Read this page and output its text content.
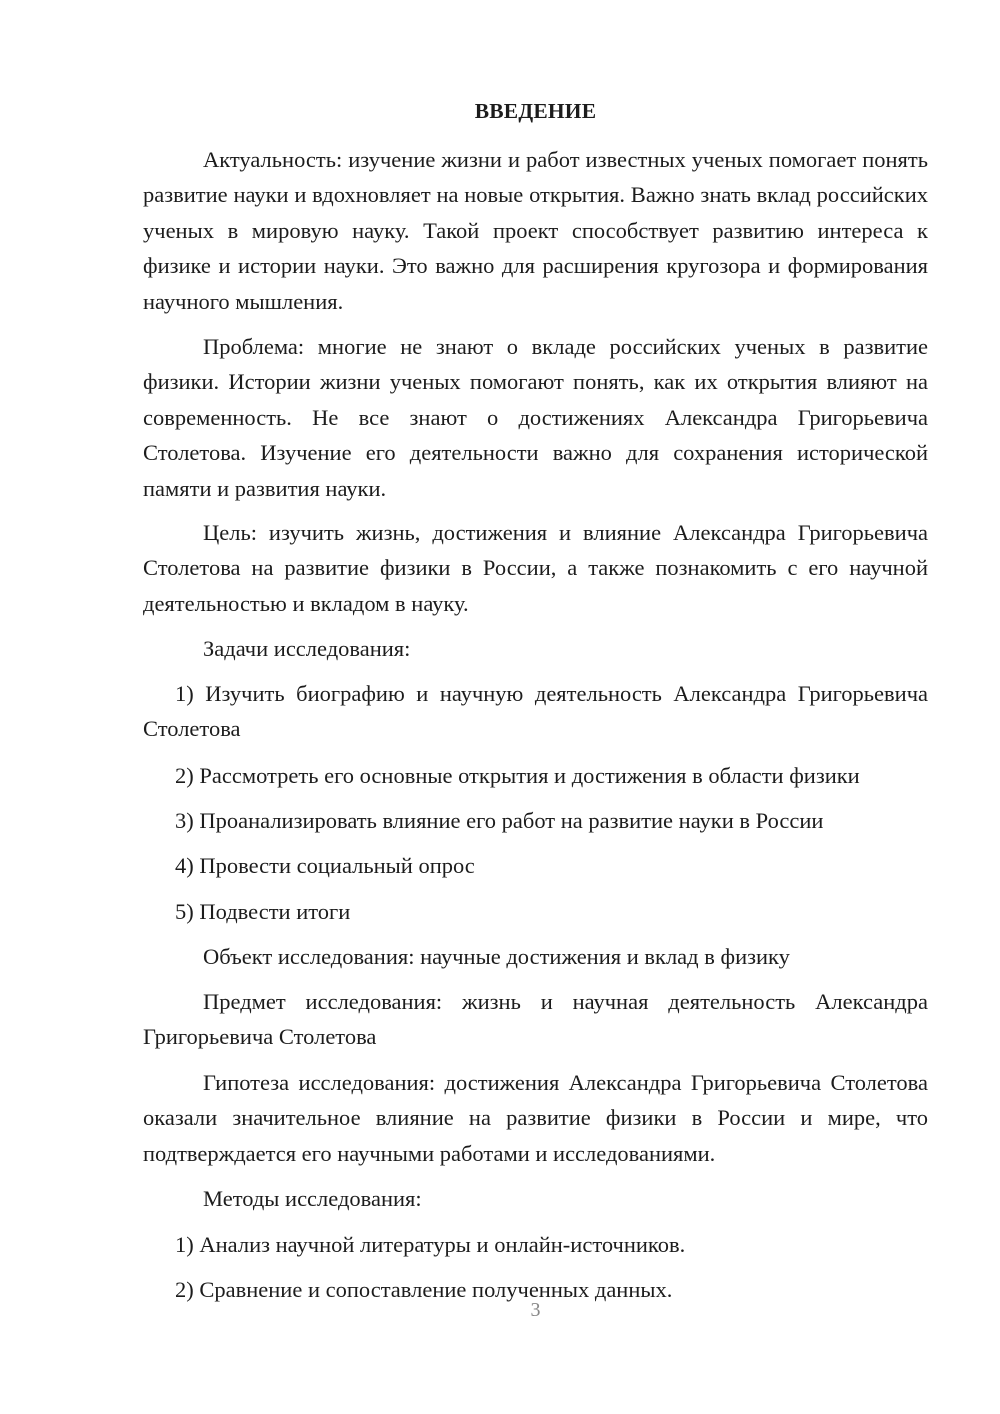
ВВЕДЕНИЕ

Актуальность: изучение жизни и работ известных ученых помогает понять развитие науки и вдохновляет на новые открытия. Важно знать вклад российских ученых в мировую науку. Такой проект способствует развитию интереса к физике и истории науки. Это важно для расширения кругозора и формирования научного мышления.

Проблема: многие не знают о вкладе российских ученых в развитие физики. Истории жизни ученых помогают понять, как их открытия влияют на современность. Не все знают о достижениях Александра Григорьевича Столетова. Изучение его деятельности важно для сохранения исторической памяти и развития науки.

Цель: изучить жизнь, достижения и влияние Александра Григорьевича Столетова на развитие физики в России, а также познакомить с его научной деятельностью и вкладом в науку.

Задачи исследования:

1) Изучить биографию и научную деятельность Александра Григорьевича Столетова

2) Рассмотреть его основные открытия и достижения в области физики

3) Проанализировать влияние его работ на развитие науки в России

4) Провести социальный опрос

5) Подвести итоги

Объект исследования: научные достижения и вклад в физику

Предмет исследования: жизнь и научная деятельность Александра Григорьевича Столетова

Гипотеза исследования: достижения Александра Григорьевича Столетова оказали значительное влияние на развитие физики в России и мире, что подтверждается его научными работами и исследованиями.

Методы исследования:

1) Анализ научной литературы и онлайн-источников.

2) Сравнение и сопоставление полученных данных.

3
